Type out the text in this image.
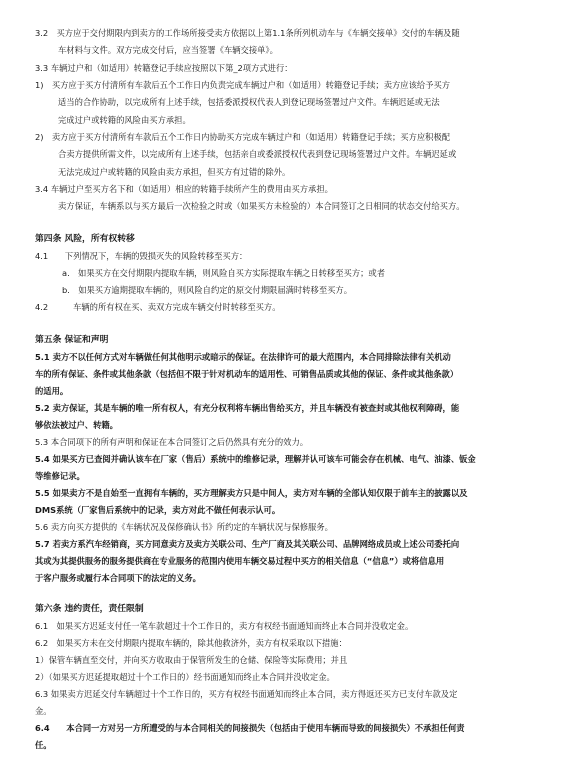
​
​
​
3.2　买方应于交付期限内到卖方的工作场所接受卖方依据以上第1.1条所列机动车与《车辆交接单》交付的车辆及随
车材料与文件。双方完成交付后，应当签署《车辆交接单》。
3.3 车辆过户和（如适用）转籍登记手续应按照以下第_2项方式进行：
1)　买方应于买方付清所有车款后五个工作日内负责完成车辆过户和（如适用）转籍登记手续；卖方应该给予买方
适当的合作协助，以完成所有上述手续，包括委派授权代表人到登记现场签署过户文件。车辆迟延或无法
完成过户或转籍的风险由买方承担。
2)　卖方应于买方付清所有车款后五个工作日内协助买方完成车辆过户和（如适用）转籍登记手续；买方应积极配
合卖方提供所需文件，以完成所有上述手续，包括亲自或委派授权代表到登记现场签署过户文件。车辆迟延或
无法完成过户或转籍的风险由卖方承担，但买方有过错的除外。
3.4 车辆过户至买方名下和（如适用）相应的转籍手续所产生的费用由买方承担。
卖方保证，车辆系以与买方最后一次检验之时或（如果买方未检验的）本合同签订之日相同的状态交付给买方。
第四条 风险，所有权转移
4.1　　下列情况下，车辆的毁损灭失的风险转移至买方：
a.　如果买方在交付期限内提取车辆，则风险自买方实际提取车辆之日转移至买方；或者
b.　如果买方逾期提取车辆的，则风险自约定的原交付期限届满时转移至买方。
4.2　　　车辆的所有权在买、卖双方完成车辆交付时转移至买方。
第五条 保证和声明
5.1 卖方不以任何方式对车辆做任何其他明示或暗示的保证。在法律许可的最大范围内，本合同排除法律有关机动
车的所有保证、条件或其他条款（包括但不限于针对机动车的适用性、可销售品质或其他的保证、条件或其他条款）
的适用。
5.2 卖方保证，其是车辆的唯一所有权人，有充分权利将车辆出售给买方，并且车辆没有被查封或其他权利障碍，能
够依法被过户、转籍。
5.3 本合同项下的所有声明和保证在本合同签订之后仍然具有充分的效力。
5.4 如果买方已查阅并确认该车在厂家（售后）系统中的维修记录，理解并认可该车可能会存在机械、电气、油漆、钣金
等维修记录。
5.5 如果卖方不是自始至一直拥有车辆的，买方理解卖方只是中间人，卖方对车辆的全部认知仅限于前车主的披露以及
DMS系统（厂家售后系统中的记录，卖方对此不做任何表示认可。
5.6 卖方向买方提供的《车辆状况及保修确认书》所约定的车辆状况与保修服务。
5.7 若卖方系汽车经销商，买方同意卖方及卖方关联公司、生产厂商及其关联公司、品牌网络成员或上述公司委托向
其或为其提供服务的服务提供商在专业服务的范围内使用车辆交易过程中买方的相关信息（“信息”）或将信息用
于客户服务或履行本合同项下的法定的义务。
第六条 违约责任，责任限制
6.1　如果买方迟延支付任一笔车款超过十个工作日的，卖方有权经书面通知而终止本合同并没收定金。
6.2　如果买方未在交付期限内提取车辆的，除其他救济外，卖方有权采取以下措施：
1）保管车辆直至交付，并向买方收取由于保管所发生的仓储、保险等实际费用；并且
2）（如果买方迟延提取超过十个工作日的）经书面通知而终止本合同并没收定金。
6.3 如果卖方迟延交付车辆超过十个工作日的，买方有权经书面通知而终止本合同，卖方得返还买方已支付车款及定
金。
6.4　　本合同一方对另一方所遭受的与本合同相关的间接损失（包括由于使用车辆而导致的间接损失）不承担任何责
任。
